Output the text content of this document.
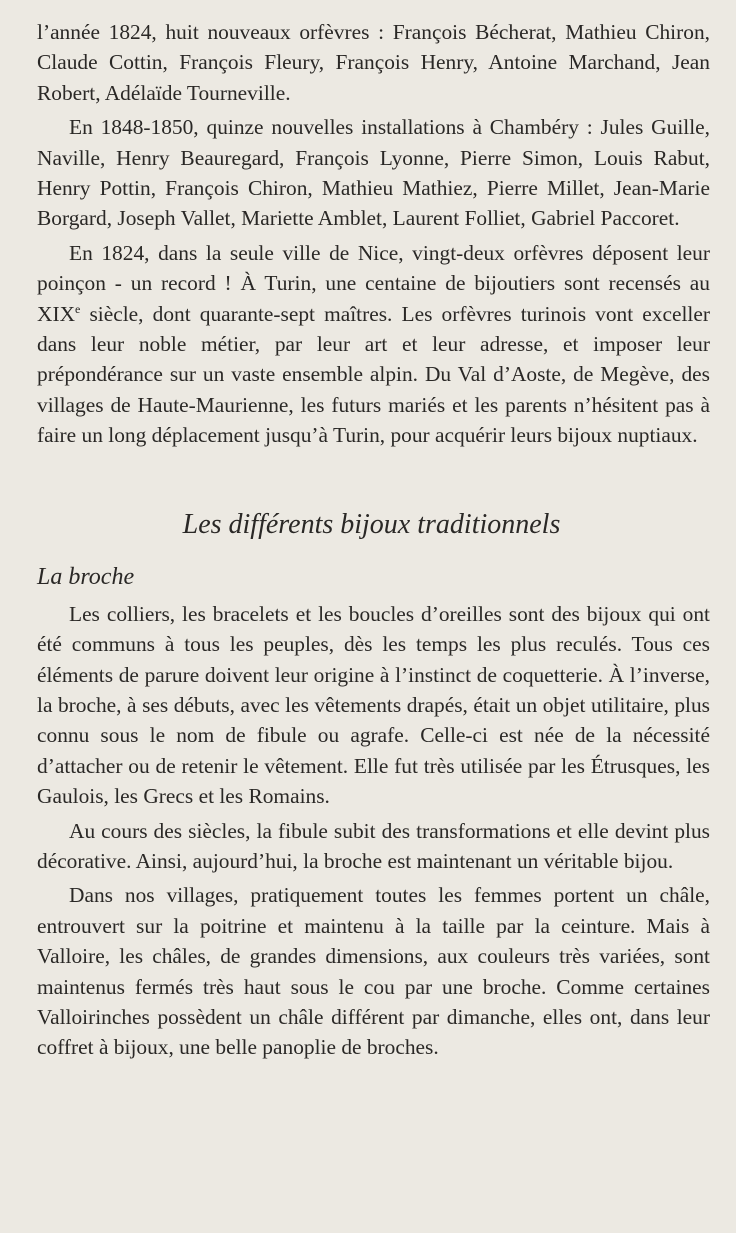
l’année 1824, huit nouveaux orfèvres : François Bécherat, Mathieu Chiron, Claude Cottin, François Fleury, François Henry, Antoine Marchand, Jean Robert, Adélaïde Tourneville.

En 1848-1850, quinze nouvelles installations à Chambéry : Jules Guille, Naville, Henry Beauregard, François Lyonne, Pierre Simon, Louis Rabut, Henry Pottin, François Chiron, Mathieu Mathiez, Pierre Millet, Jean-Marie Borgard, Joseph Vallet, Mariette Amblet, Laurent Folliet, Gabriel Paccoret.

En 1824, dans la seule ville de Nice, vingt-deux orfèvres déposent leur poinçon - un record ! À Turin, une centaine de bijoutiers sont recensés au XIXe siècle, dont quarante-sept maîtres. Les orfèvres turinois vont exceller dans leur noble métier, par leur art et leur adresse, et imposer leur prépondérance sur un vaste ensemble alpin. Du Val d’Aoste, de Megève, des villages de Haute-Maurienne, les futurs mariés et les parents n’hésitent pas à faire un long déplacement jusqu’à Turin, pour acquérir leurs bijoux nuptiaux.

Les différents bijoux traditionnels
La broche

Les colliers, les bracelets et les boucles d’oreilles sont des bijoux qui ont été communs à tous les peuples, dès les temps les plus reculés. Tous ces éléments de parure doivent leur origine à l’instinct de coquetterie. À l’inverse, la broche, à ses débuts, avec les vêtements drapés, était un objet utilitaire, plus connu sous le nom de fibule ou agrafe. Celle-ci est née de la nécessité d’attacher ou de retenir le vêtement. Elle fut très utilisée par les Étrusques, les Gaulois, les Grecs et les Romains.

Au cours des siècles, la fibule subit des transformations et elle devint plus décorative. Ainsi, aujourd’hui, la broche est maintenant un véritable bijou.

Dans nos villages, pratiquement toutes les femmes portent un châle, entrouvert sur la poitrine et maintenu à la taille par la ceinture. Mais à Valloire, les châles, de grandes dimensions, aux couleurs très variées, sont maintenus fermés très haut sous le cou par une broche. Comme certaines Valloirinches possèdent un châle différent par dimanche, elles ont, dans leur coffret à bijoux, une belle panoplie de broches.
